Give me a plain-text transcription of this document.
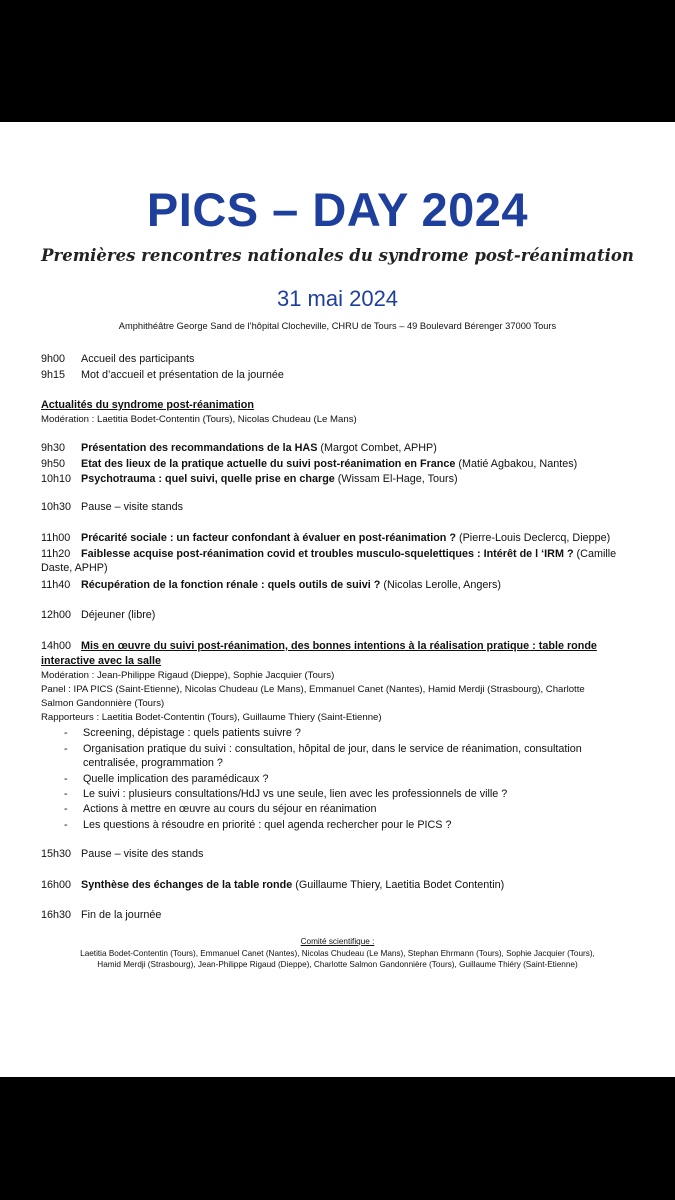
PICS – DAY 2024
Premières rencontres nationales du syndrome post-réanimation
31 mai 2024
Amphithéâtre George Sand de l’hôpital Clocheville, CHRU de Tours – 49 Boulevard Bérenger 37000 Tours
9h00 Accueil des participants
9h15 Mot d’accueil et présentation de la journée
Actualités du syndrome post-réanimation
Modération : Laetitia Bodet-Contentin (Tours), Nicolas Chudeau (Le Mans)
9h30 Présentation des recommandations de la HAS (Margot Combet, APHP)
9h50 Etat des lieux de la pratique actuelle du suivi post-réanimation en France (Matié Agbakou, Nantes)
10h10 Psychotrauma : quel suivi, quelle prise en charge (Wissam El-Hage, Tours)
10h30 Pause – visite stands
11h00 Précarité sociale : un facteur confondant à évaluer en post-réanimation ? (Pierre-Louis Declercq, Dieppe)
11h20 Faiblesse acquise post-réanimation covid et troubles musculo-squelettiques : Intérêt de l ‘IRM ? (Camille
Daste, APHP)
11h40 Récupération de la fonction rénale : quels outils de suivi ? (Nicolas Lerolle, Angers)
12h00 Déjeuner (libre)
14h00 Mis en œuvre du suivi post-réanimation, des bonnes intentions à la réalisation pratique : table ronde
interactive avec la salle
Modération : Jean-Philippe Rigaud (Dieppe), Sophie Jacquier (Tours)
Panel : IPA PICS (Saint-Etienne), Nicolas Chudeau (Le Mans), Emmanuel Canet (Nantes), Hamid Merdji (Strasbourg), Charlotte
Salmon Gandonnière (Tours)
Rapporteurs : Laetitia Bodet-Contentin (Tours), Guillaume Thiery (Saint-Etienne)
- Screening, dépistage : quels patients suivre ?
- Organisation pratique du suivi : consultation, hôpital de jour, dans le service de réanimation, consultation
centralisée, programmation ?
- Quelle implication des paramédicaux ?
- Le suivi : plusieurs consultations/HdJ vs une seule, lien avec les professionnels de ville ?
- Actions à mettre en œuvre au cours du séjour en réanimation
- Les questions à résoudre en priorité : quel agenda rechercher pour le PICS ?
15h30 Pause – visite des stands
16h00 Synthèse des échanges de la table ronde (Guillaume Thiery, Laetitia Bodet Contentin)
16h30 Fin de la journée
Comité scientifique :
Laetitia Bodet-Contentin (Tours), Emmanuel Canet (Nantes), Nicolas Chudeau (Le Mans), Stephan Ehrmann (Tours), Sophie Jacquier (Tours),
Hamid Merdji (Strasbourg), Jean-Philippe Rigaud (Dieppe), Charlotte Salmon Gandonnière (Tours), Guillaume Thiéry (Saint-Etienne)
